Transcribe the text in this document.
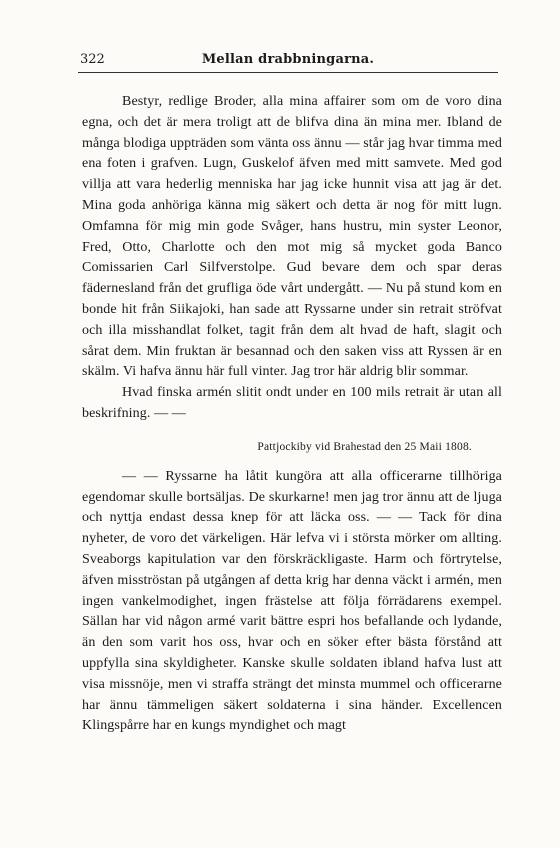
322	Mellan drabbningarna.

Bestyr, redlige Broder, alla mina affairer som om de voro dina egna, och det är mera troligt att de blifva dina än mina mer. Ibland de många blodiga uppträden som vänta oss ännu — står jag hvar timma med ena foten i grafven. Lugn, Guskelof äfven med mitt samvete. Med god villja att vara hederlig menniska har jag icke hunnit visa att jag är det. Mina goda anhöriga känna mig säkert och detta är nog för mitt lugn. Omfamna för mig min gode Svåger, hans hustru, min syster Leonor, Fred, Otto, Charlotte och den mot mig så mycket goda Banco Comissarien Carl Silfverstolpe. Gud bevare dem och spar deras fädernesland från det grufliga öde vårt undergått. — Nu på stund kom en bonde hit från Siikajoki, han sade att Ryssarne under sin retrait ströfvat och illa misshandlat folket, tagit från dem alt hvad de haft, slagit och sårat dem. Min fruktan är besannad och den saken viss att Ryssen är en skälm. Vi hafva ännu här full vinter. Jag tror här aldrig blir sommar.

Hvad finska armén slitit ondt under en 100 mils retrait är utan all beskrifning. — —

Pattjockiby vid Brahestad den 25 Maii 1808.

— — Ryssarne ha låtit kungöra att alla officerarne tillhöriga egendomar skulle bortsäljas. De skurkarne! men jag tror ännu att de ljuga och nyttja endast dessa knep för att läcka oss. — — Tack för dina nyheter, de voro det värkeligen. Här lefva vi i största mörker om allting. Sveaborgs kapitulation var den förskräckligaste. Harm och förtrytelse, äfven misströstan på utgången af detta krig har denna väckt i armén, men ingen vankelmodighet, ingen frästelse att följa förrädarens exempel. Sällan har vid någon armé varit bättre espri hos befallande och lydande, än den som varit hos oss, hvar och en söker efter bästa förstånd att uppfylla sina skyldigheter. Kanske skulle soldaten ibland hafva lust att visa missnöje, men vi straffa strängt det minsta mummel och officerarne har ännu tämmeligen säkert soldaterna i sina händer. Excellencen Klingspårre har en kungs myndighet och magt
